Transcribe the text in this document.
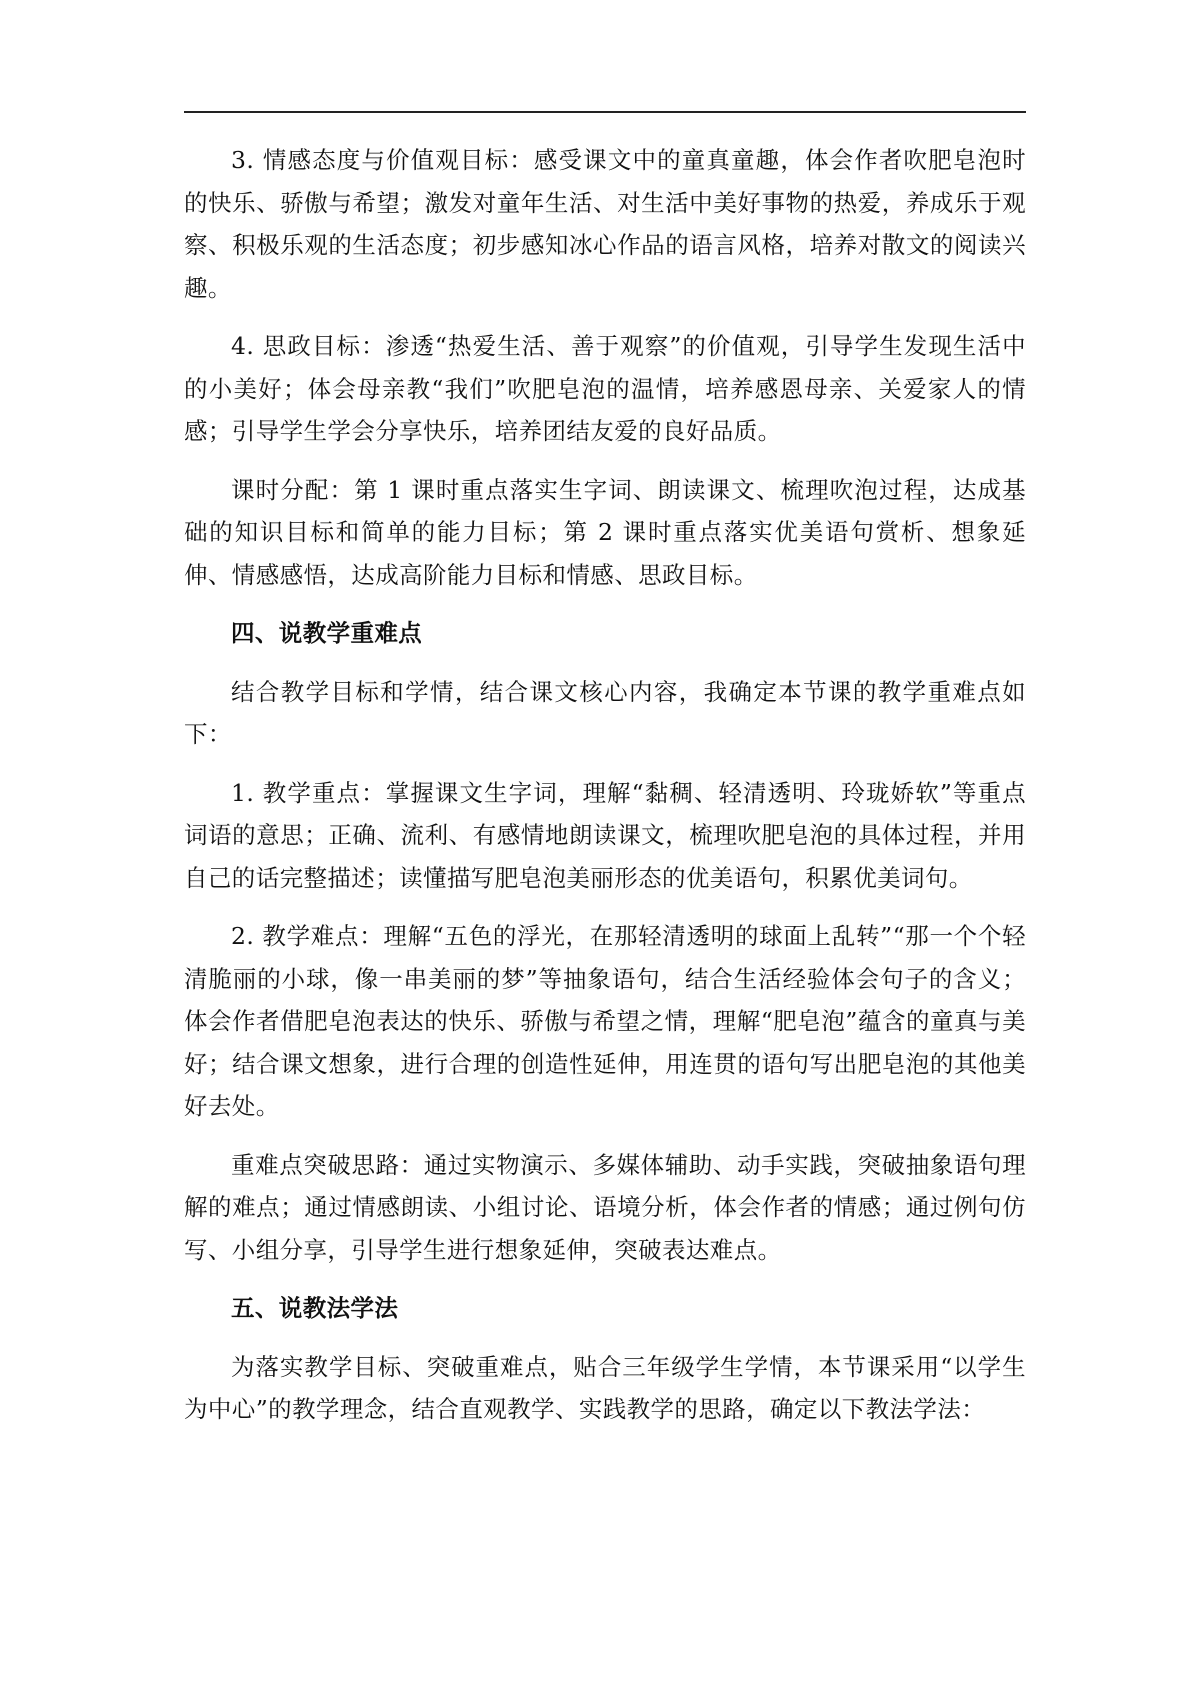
3. 情感态度与价值观目标：感受课文中的童真童趣，体会作者吹肥皂泡时的快乐、骄傲与希望；激发对童年生活、对生活中美好事物的热爱，养成乐于观察、积极乐观的生活态度；初步感知冰心作品的语言风格，培养对散文的阅读兴趣。

4. 思政目标：渗透“热爱生活、善于观察”的价值观，引导学生发现生活中的小美好；体会母亲教“我们”吹肥皂泡的温情，培养感恩母亲、关爱家人的情感；引导学生学会分享快乐，培养团结友爱的良好品质。

课时分配：第 1 课时重点落实生字词、朗读课文、梳理吹泡过程，达成基础的知识目标和简单的能力目标；第 2 课时重点落实优美语句赏析、想象延伸、情感感悟，达成高阶能力目标和情感、思政目标。

四、说教学重难点

结合教学目标和学情，结合课文核心内容，我确定本节课的教学重难点如下：

1. 教学重点：掌握课文生字词，理解“黏稠、轻清透明、玲珑娇软”等重点词语的意思；正确、流利、有感情地朗读课文，梳理吹肥皂泡的具体过程，并用自己的话完整描述；读懂描写肥皂泡美丽形态的优美语句，积累优美词句。

2. 教学难点：理解“五色的浮光，在那轻清透明的球面上乱转”“那一个个轻清脆丽的小球，像一串美丽的梦”等抽象语句，结合生活经验体会句子的含义；体会作者借肥皂泡表达的快乐、骄傲与希望之情，理解“肥皂泡”蕴含的童真与美好；结合课文想象，进行合理的创造性延伸，用连贯的语句写出肥皂泡的其他美好去处。

重难点突破思路：通过实物演示、多媒体辅助、动手实践，突破抽象语句理解的难点；通过情感朗读、小组讨论、语境分析，体会作者的情感；通过例句仿写、小组分享，引导学生进行想象延伸，突破表达难点。

五、说教法学法

为落实教学目标、突破重难点，贴合三年级学生学情，本节课采用“以学生为中心”的教学理念，结合直观教学、实践教学的思路，确定以下教法学法：
